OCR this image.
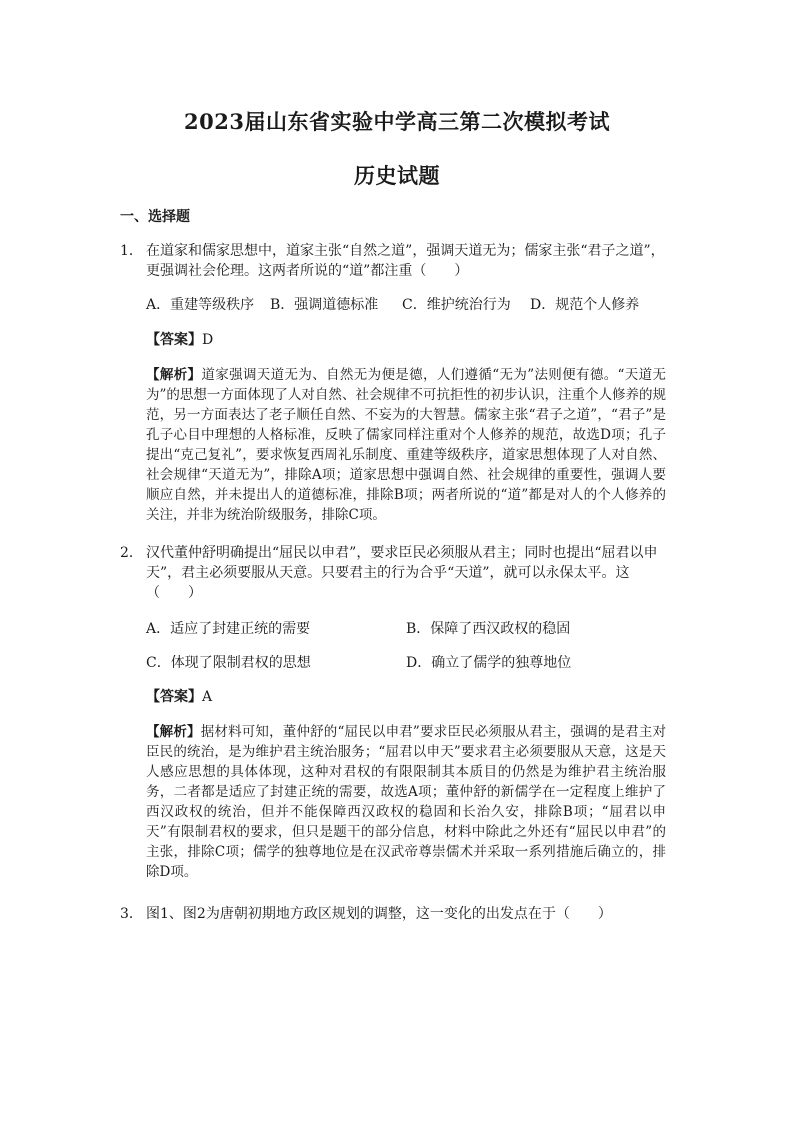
2023届山东省实验中学高三第二次模拟考试
历史试题
一、选择题
1． 在道家和儒家思想中，道家主张“自然之道”，强调天道无为；儒家主张“君子之道”，更强调社会伦理。这两者所说的“道”都注重（　　）
A．重建等级秩序	B．强调道德标准	C．维护统治行为	D．规范个人修养
【答案】D
【解析】道家强调天道无为、自然无为便是德，人们遵循“无为”法则便有德。“天道无为”的思想一方面体现了人对自然、社会规律不可抗拒性的初步认识，注重个人修养的规范，另一方面表达了老子顺任自然、不妄为的大智慧。儒家主张“君子之道”，“君子”是孔子心目中理想的人格标准，反映了儒家同样注重对个人修养的规范，故选D项；孔子提出“克己复礼”，要求恢复西周礼乐制度、重建等级秩序，道家思想体现了人对自然、社会规律“天道无为”，排除A项；道家思想中强调自然、社会规律的重要性，强调人要顺应自然，并未提出人的道德标准，排除B项；两者所说的“道”都是对人的个人修养的关注，并非为统治阶级服务，排除C项。
2． 汉代董仲舒明确提出“屈民以申君”，要求臣民必须服从君主；同时也提出“屈君以申天”，君主必须要服从天意。只要君主的行为合乎“天道”，就可以永保太平。这（　　）
A．适应了封建正统的需要	B．保障了西汉政权的稳固
C．体现了限制君权的思想	D．确立了儒学的独尊地位
【答案】A
【解析】据材料可知，董仲舒的“屈民以申君”要求臣民必须服从君主，强调的是君主对臣民的统治，是为维护君主统治服务；“屈君以申天”要求君主必须要服从天意，这是天人感应思想的具体体现，这种对君权的有限限制其本质目的仍然是为维护君主统治服务，二者都是适应了封建正统的需要，故选A项；董仲舒的新儒学在一定程度上维护了西汉政权的统治，但并不能保障西汉政权的稳固和长治久安，排除B项；“屈君以申天”有限制君权的要求，但只是题干的部分信息，材料中除此之外还有“屈民以申君”的主张，排除C项；儒学的独尊地位是在汉武帝尊崇儒术并采取一系列措施后确立的，排除D项。
3． 图1、图2为唐朝初期地方政区规划的调整，这一变化的出发点在于（　　）
